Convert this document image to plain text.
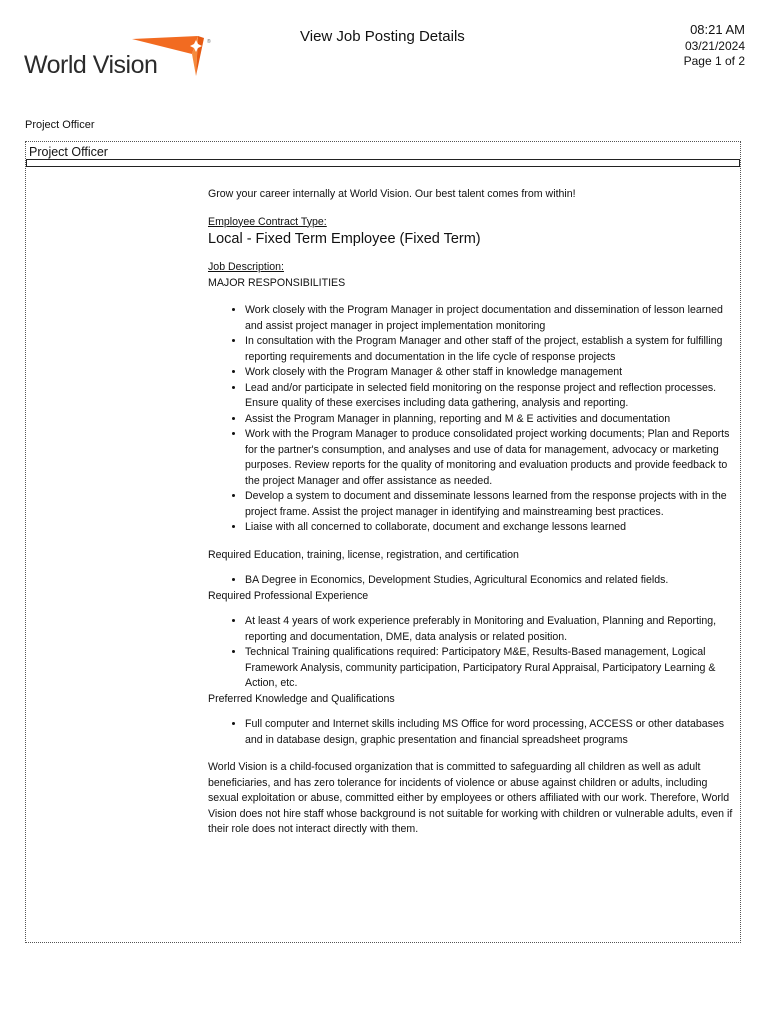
World Vision
®	View Job Posting Details	08:21 AM
03/21/2024
Page 1 of 2
Project Officer
Project Officer

Grow your career internally at World Vision. Our best talent comes from within!

Employee Contract Type:

Local - Fixed Term Employee (Fixed Term)

Job Description:

MAJOR RESPONSIBILITIES

• Work closely with the Program Manager in project documentation and dissemination of lesson learned and assist project manager in project implementation monitoring
• In consultation with the Program Manager and other staff of the project, establish a system for fulfilling reporting requirements and documentation in the life cycle of response projects
• Work closely with the Program Manager & other staff in knowledge management
• Lead and/or participate in selected field monitoring on the response project and reflection processes. Ensure quality of these exercises including data gathering, analysis and reporting.
• Assist the Program Manager in planning, reporting and M & E activities and documentation
• Work with the Program Manager to produce consolidated project working documents; Plan and Reports for the partner's consumption, and analyses and use of data for management, advocacy or marketing purposes. Review reports for the quality of monitoring and evaluation products and provide feedback to the project Manager and offer assistance as needed.
• Develop a system to document and disseminate lessons learned from the response projects with in the project frame. Assist the project manager in identifying and mainstreaming best practices.
• Liaise with all concerned to collaborate, document and exchange lessons learned

Required Education, training, license, registration, and certification

• BA Degree in Economics, Development Studies, Agricultural Economics and related fields.

Required Professional Experience

• At least 4 years of work experience preferably in Monitoring and Evaluation, Planning and Reporting, reporting and documentation, DME, data analysis or related position.
• Technical Training qualifications required: Participatory M&E, Results-Based management, Logical Framework Analysis, community participation, Participatory Rural Appraisal, Participatory Learning & Action, etc.

Preferred Knowledge and Qualifications

• Full computer and Internet skills including MS Office for word processing, ACCESS or other databases and in database design, graphic presentation and financial spreadsheet programs

World Vision is a child-focused organization that is committed to safeguarding all children as well as adult beneficiaries, and has zero tolerance for incidents of violence or abuse against children or adults, including sexual exploitation or abuse, committed either by employees or others affiliated with our work. Therefore, World Vision does not hire staff whose background is not suitable for working with children or vulnerable adults, even if their role does not interact directly with them.
